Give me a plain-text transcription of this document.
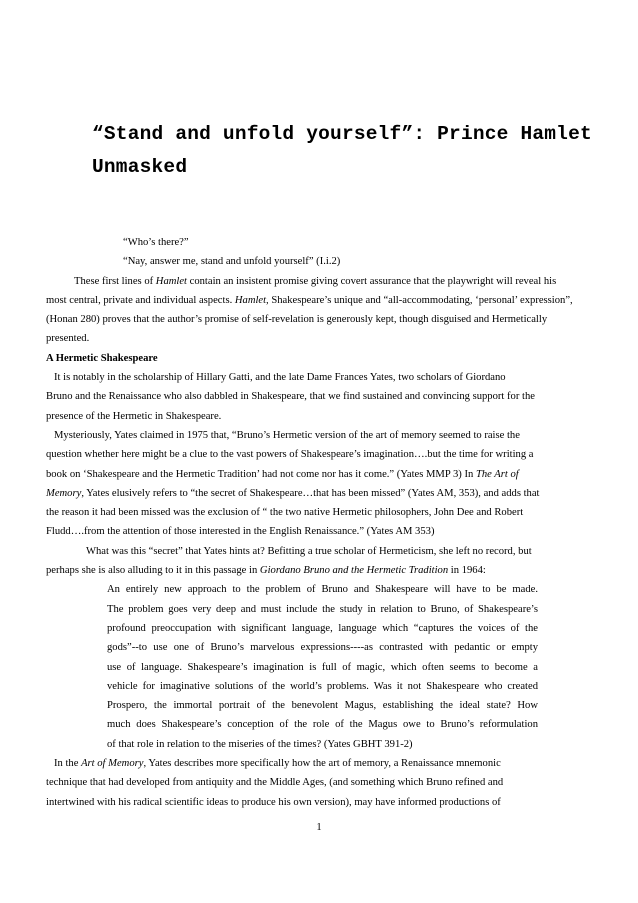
“Stand and unfold yourself”: Prince Hamlet
Unmasked
“Who’s there?”
“Nay, answer me, stand and unfold yourself” (I.i.2)
These first lines of Hamlet contain an insistent promise giving covert assurance that the playwright will reveal his
most central, private and individual aspects. Hamlet, Shakespeare’s unique and “all-accommodating, ‘personal’ expression”,
(Honan 280) proves that the author’s promise of self-revelation is generously kept, though disguised and Hermetically
presented.
A Hermetic Shakespeare
It is notably in the scholarship of Hillary Gatti, and the late Dame Frances Yates, two scholars of Giordano
Bruno and the Renaissance who also dabbled in Shakespeare, that we find sustained and convincing support for the
presence of the Hermetic in Shakespeare.
Mysteriously, Yates claimed in 1975 that, “Bruno’s Hermetic version of the art of memory seemed to raise the
question whether here might be a clue to the vast powers of Shakespeare’s imagination….but the time for writing a
book on ‘Shakespeare and the Hermetic Tradition’ had not come nor has it come.” (Yates MMP 3) In The Art of
Memory, Yates elusively refers to “the secret of Shakespeare…that has been missed” (Yates AM, 353), and adds that
the reason it had been missed was the exclusion of “ the two native Hermetic philosophers, John Dee and Robert
Fludd….from the attention of those interested in the English Renaissance.” (Yates AM 353)
What was this “secret” that Yates hints at? Befitting a true scholar of Hermeticism, she left no record, but
perhaps she is also alluding to it in this passage in Giordano Bruno and the Hermetic Tradition in 1964:
An entirely new approach to the problem of Bruno and Shakespeare will have to be made.
The problem goes very deep and must include the study in relation to Bruno, of Shakespeare’s
profound preoccupation with significant language, language which “captures the voices of the
gods”--to use one of Bruno’s marvelous expressions----as contrasted with pedantic or empty
use of language. Shakespeare’s imagination is full of magic, which often seems to become a
vehicle for imaginative solutions of the world’s problems. Was it not Shakespeare who created
Prospero, the immortal portrait of the benevolent Magus, establishing the ideal state? How
much does Shakespeare’s conception of the role of the Magus owe to Bruno’s reformulation
of that role in relation to the miseries of the times? (Yates GBHT 391-2)
In the Art of Memory, Yates describes more specifically how the art of memory, a Renaissance mnemonic
technique that had developed from antiquity and the Middle Ages, (and something which Bruno refined and
intertwined with his radical scientific ideas to produce his own version), may have informed productions of
1
